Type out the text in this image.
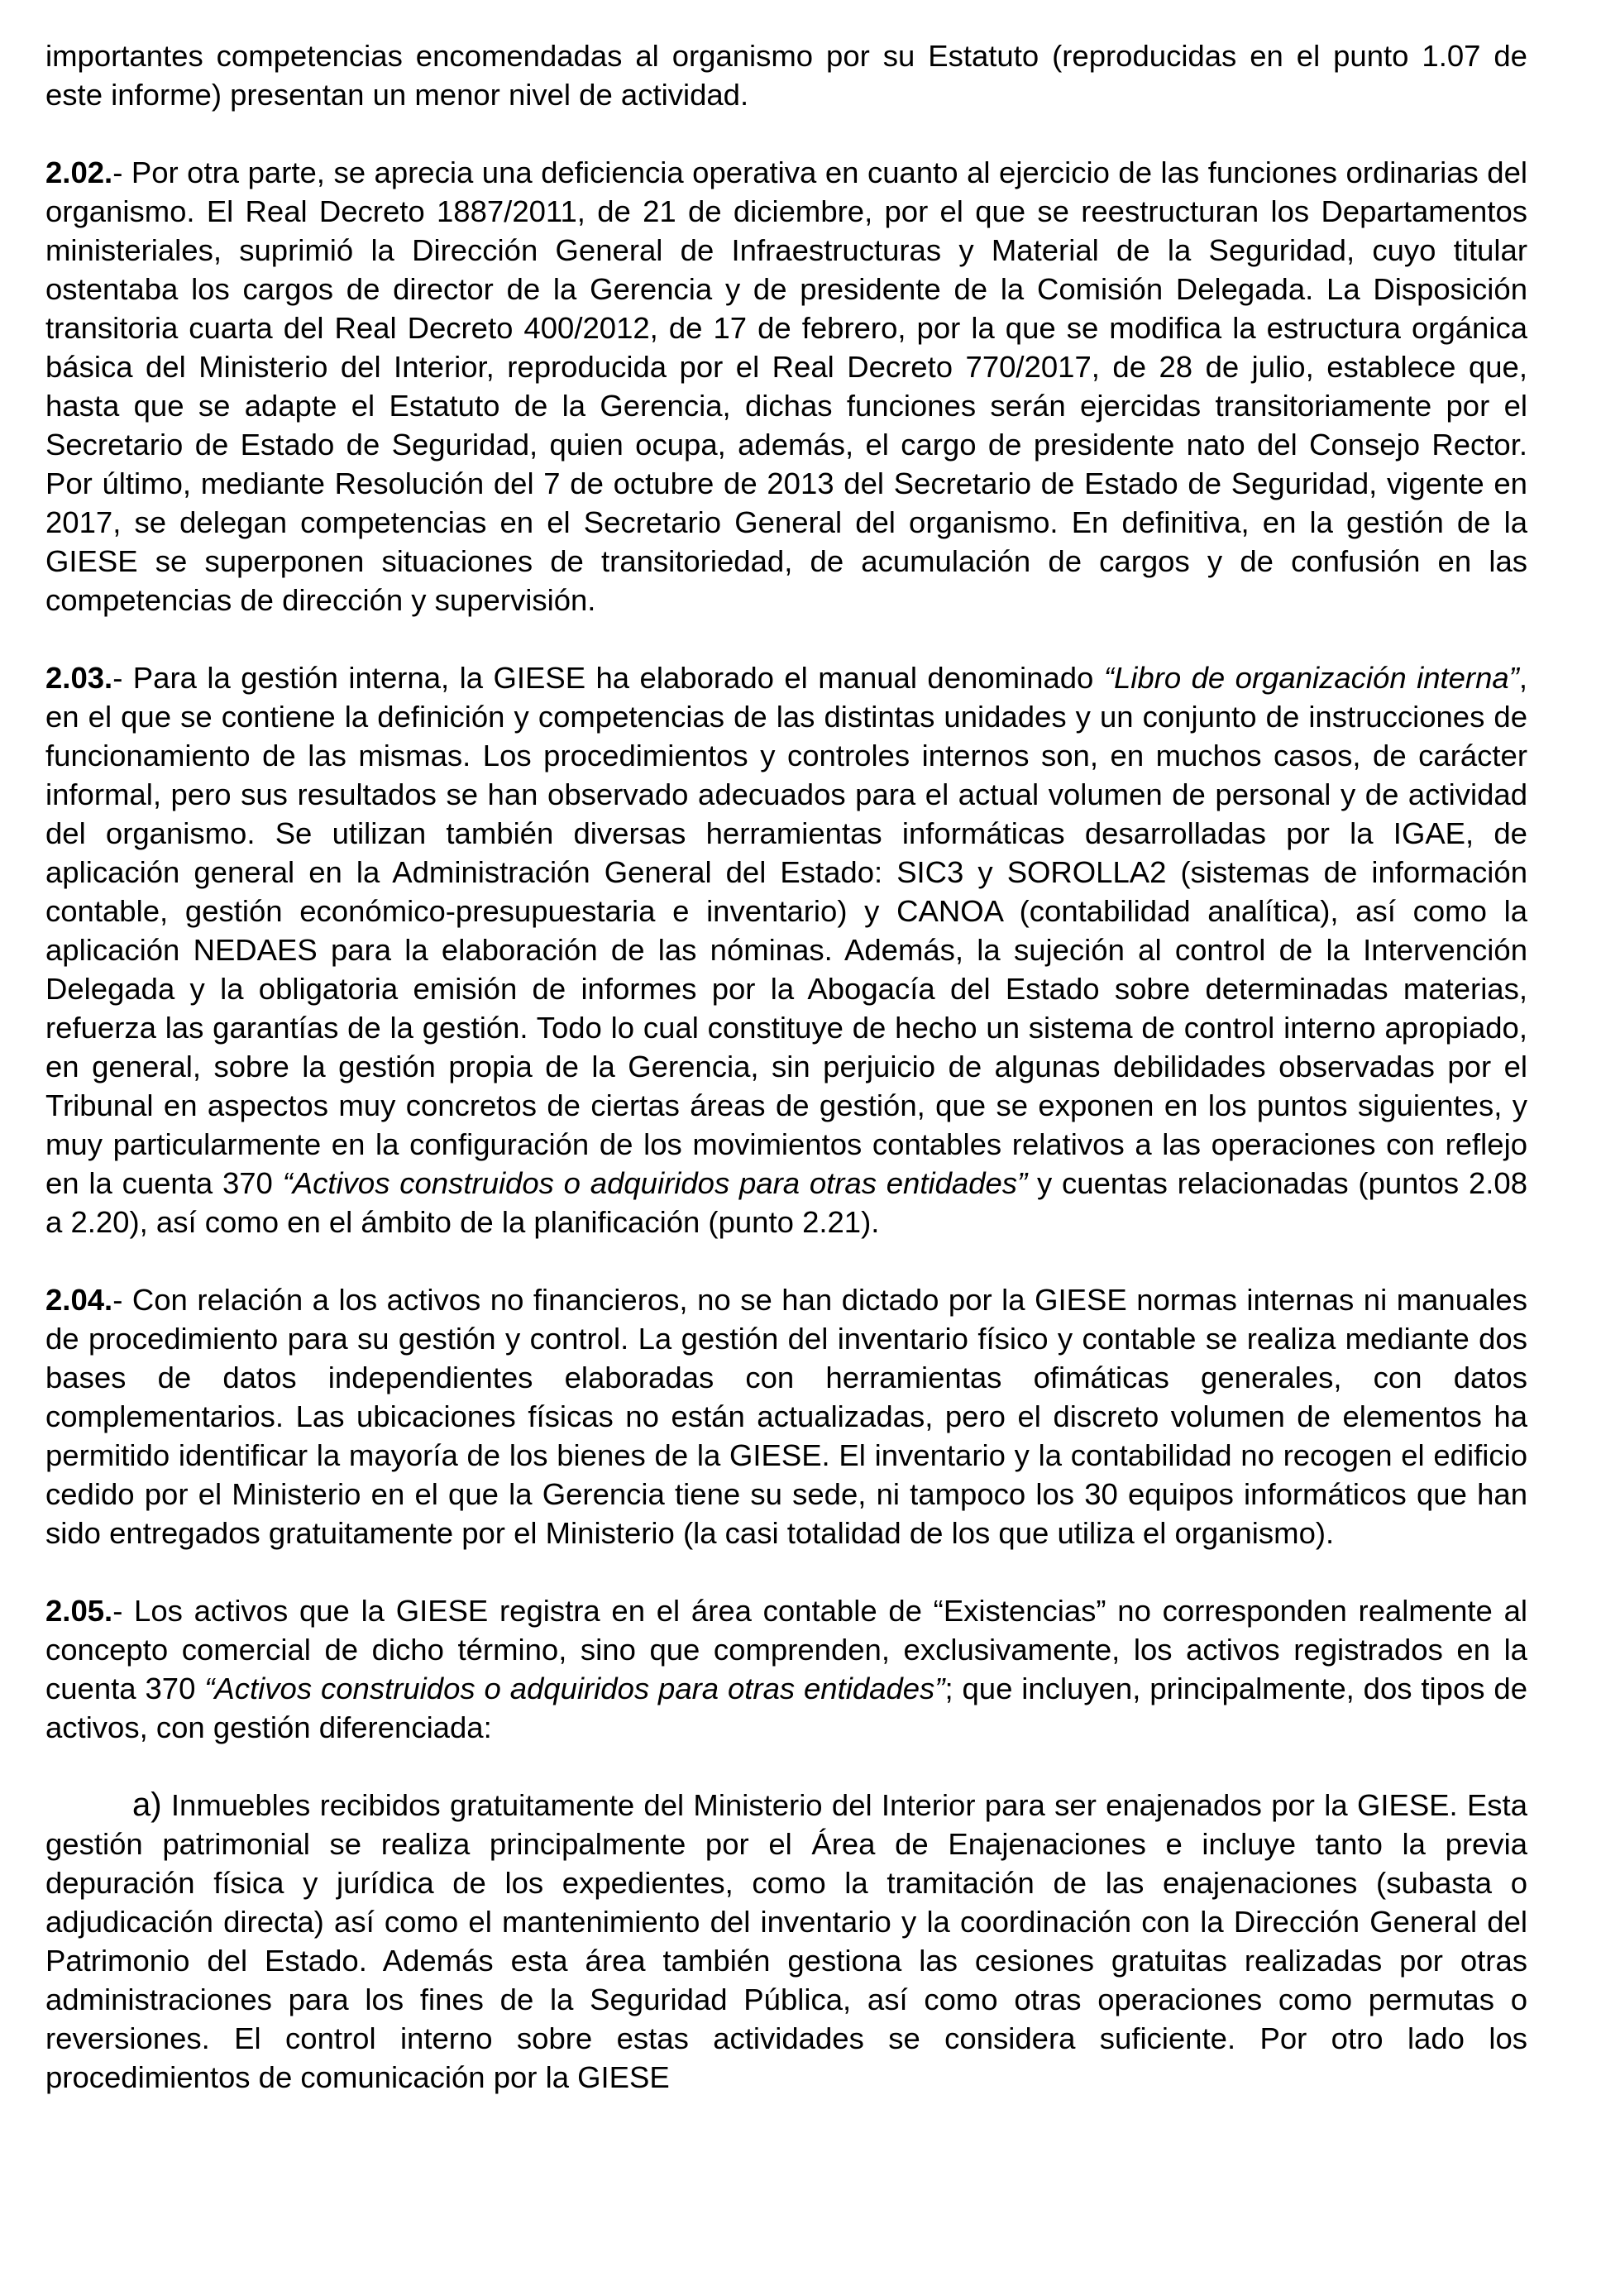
importantes competencias encomendadas al organismo por su Estatuto (reproducidas en el punto 1.07 de este informe) presentan un menor nivel de actividad.

2.02.- Por otra parte, se aprecia una deficiencia operativa en cuanto al ejercicio de las funciones ordinarias del organismo. El Real Decreto 1887/2011, de 21 de diciembre, por el que se reestructuran los Departamentos ministeriales, suprimió la Dirección General de Infraestructuras y Material de la Seguridad, cuyo titular ostentaba los cargos de director de la Gerencia y de presidente de la Comisión Delegada. La Disposición transitoria cuarta del Real Decreto 400/2012, de 17 de febrero, por la que se modifica la estructura orgánica básica del Ministerio del Interior, reproducida por el Real Decreto 770/2017, de 28 de julio, establece que, hasta que se adapte el Estatuto de la Gerencia, dichas funciones serán ejercidas transitoriamente por el Secretario de Estado de Seguridad, quien ocupa, además, el cargo de presidente nato del Consejo Rector. Por último, mediante Resolución del 7 de octubre de 2013 del Secretario de Estado de Seguridad, vigente en 2017, se delegan competencias en el Secretario General del organismo. En definitiva, en la gestión de la GIESE se superponen situaciones de transitoriedad, de acumulación de cargos y de confusión en las competencias de dirección y supervisión.

2.03.- Para la gestión interna, la GIESE ha elaborado el manual denominado “Libro de organización interna”, en el que se contiene la definición y competencias de las distintas unidades y un conjunto de instrucciones de funcionamiento de las mismas. Los procedimientos y controles internos son, en muchos casos, de carácter informal, pero sus resultados se han observado adecuados para el actual volumen de personal y de actividad del organismo. Se utilizan también diversas herramientas informáticas desarrolladas por la IGAE, de aplicación general en la Administración General del Estado: SIC3 y SOROLLA2 (sistemas de información contable, gestión económico-presupuestaria e inventario) y CANOA (contabilidad analítica), así como la aplicación NEDAES para la elaboración de las nóminas. Además, la sujeción al control de la Intervención Delegada y la obligatoria emisión de informes por la Abogacía del Estado sobre determinadas materias, refuerza las garantías de la gestión. Todo lo cual constituye de hecho un sistema de control interno apropiado, en general, sobre la gestión propia de la Gerencia, sin perjuicio de algunas debilidades observadas por el Tribunal en aspectos muy concretos de ciertas áreas de gestión, que se exponen en los puntos siguientes, y muy particularmente en la configuración de los movimientos contables relativos a las operaciones con reflejo en la cuenta 370 “Activos construidos o adquiridos para otras entidades” y cuentas relacionadas (puntos 2.08 a 2.20), así como en el ámbito de la planificación (punto 2.21).

2.04.- Con relación a los activos no financieros, no se han dictado por la GIESE normas internas ni manuales de procedimiento para su gestión y control. La gestión del inventario físico y contable se realiza mediante dos bases de datos independientes elaboradas con herramientas ofimáticas generales, con datos complementarios. Las ubicaciones físicas no están actualizadas, pero el discreto volumen de elementos ha permitido identificar la mayoría de los bienes de la GIESE. El inventario y la contabilidad no recogen el edificio cedido por el Ministerio en el que la Gerencia tiene su sede, ni tampoco los 30 equipos informáticos que han sido entregados gratuitamente por el Ministerio (la casi totalidad de los que utiliza el organismo).

2.05.- Los activos que la GIESE registra en el área contable de “Existencias” no corresponden realmente al concepto comercial de dicho término, sino que comprenden, exclusivamente, los activos registrados en la cuenta 370 “Activos construidos o adquiridos para otras entidades”; que incluyen, principalmente, dos tipos de activos, con gestión diferenciada:

a) Inmuebles recibidos gratuitamente del Ministerio del Interior para ser enajenados por la GIESE. Esta gestión patrimonial se realiza principalmente por el Área de Enajenaciones e incluye tanto la previa depuración física y jurídica de los expedientes, como la tramitación de las enajenaciones (subasta o adjudicación directa) así como el mantenimiento del inventario y la coordinación con la Dirección General del Patrimonio del Estado. Además esta área también gestiona las cesiones gratuitas realizadas por otras administraciones para los fines de la Seguridad Pública, así como otras operaciones como permutas o reversiones. El control interno sobre estas actividades se considera suficiente. Por otro lado los procedimientos de comunicación por la GIESE
